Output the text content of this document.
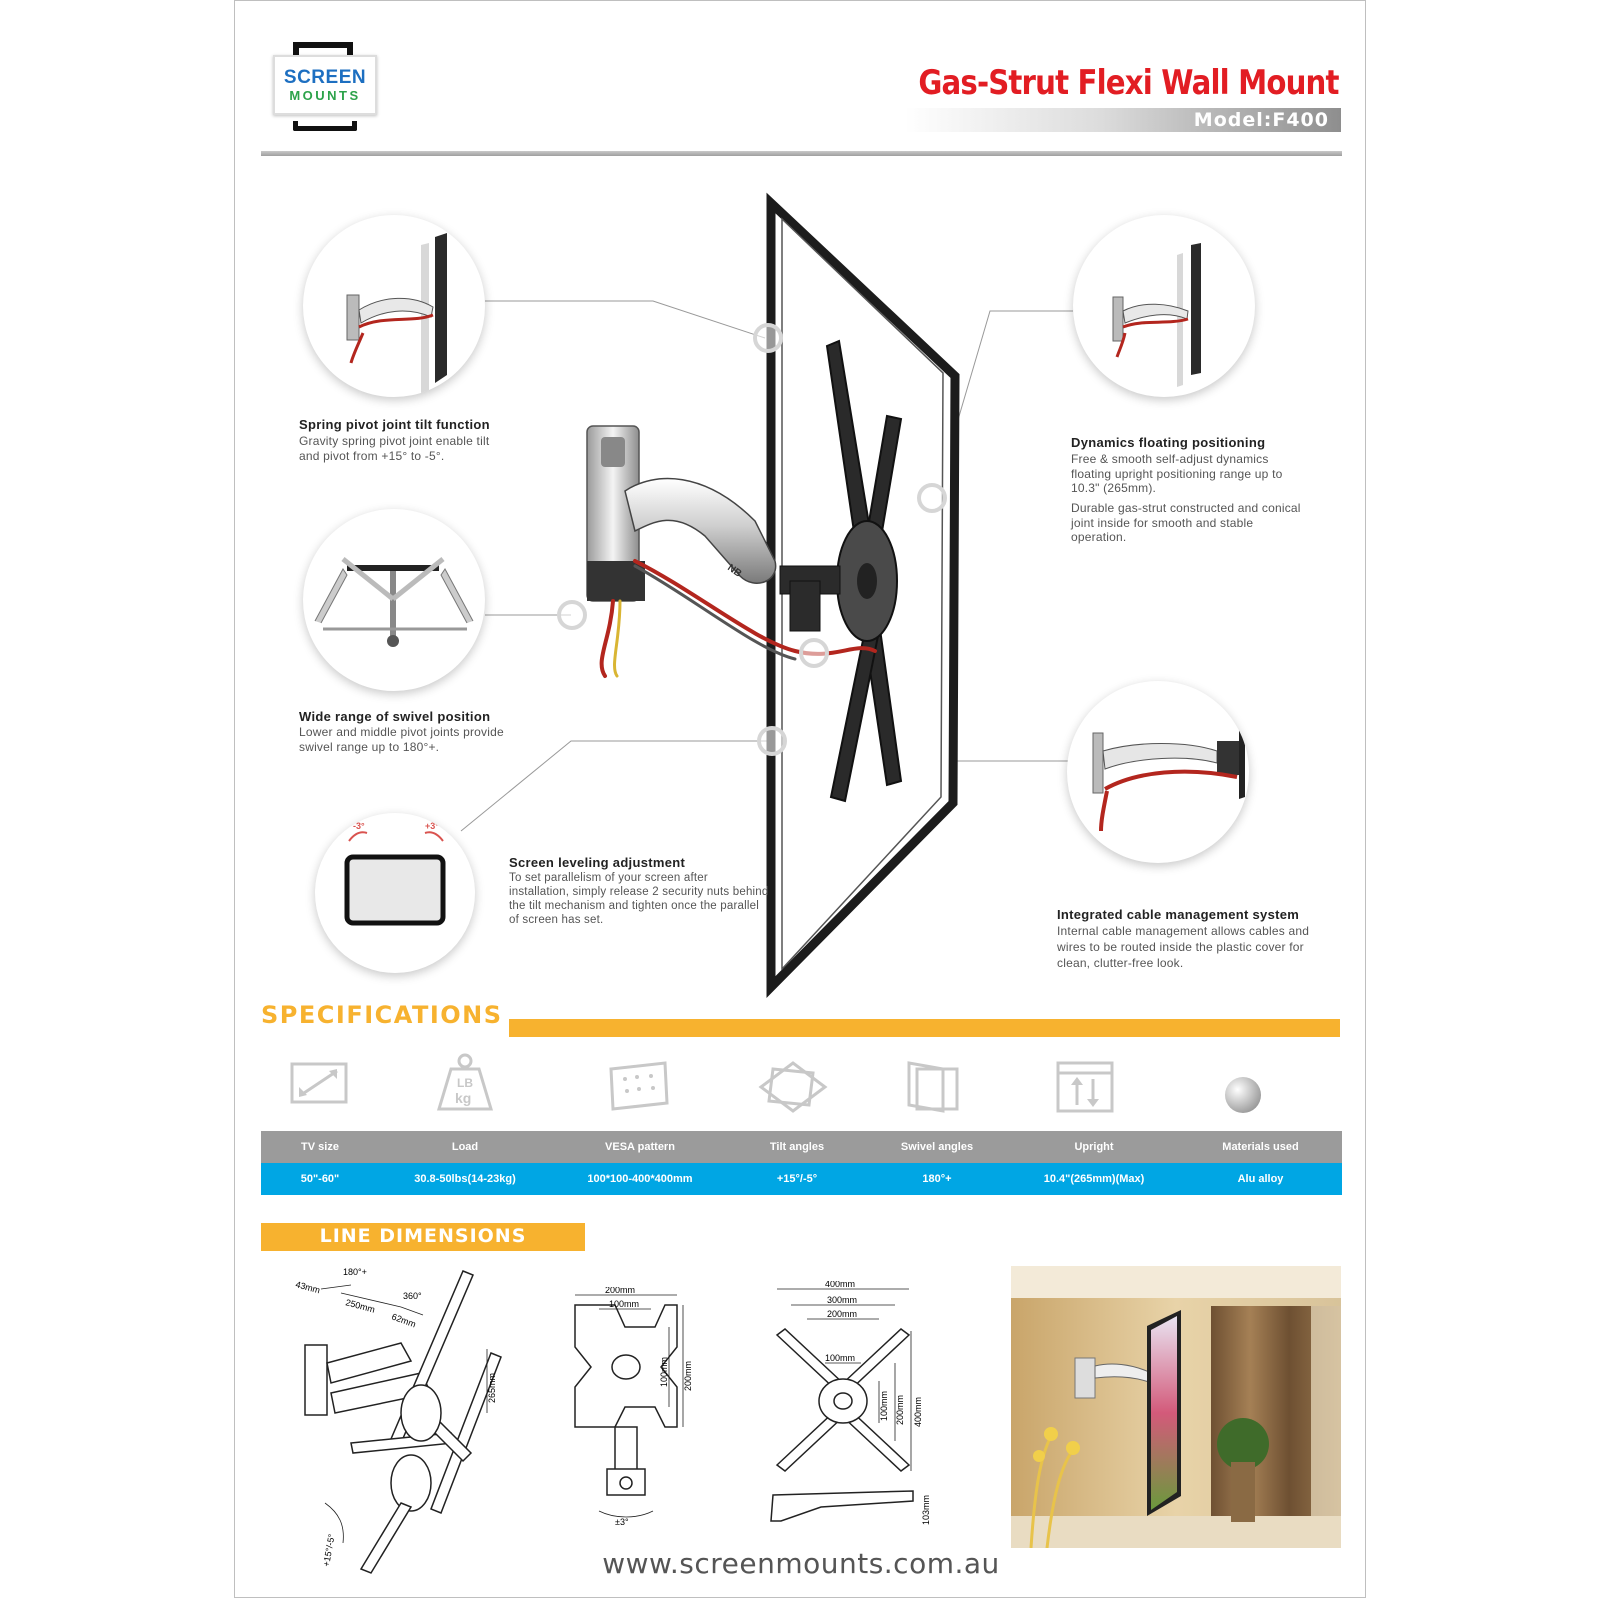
SCREEN
MOUNTS	Gas-Strut Flexi Wall Mount
Model:F400
NB
Spring pivot joint tilt function
Gravity spring pivot joint enable tilt and pivot from +15° to -5°.
Wide range of swivel position
Lower and middle pivot joints provide swivel range up to 180°+.
-3°	+3°
Screen leveling adjustment
To set parallelism of your screen after installation, simply release 2 security nuts behind the tilt mechanism and tighten once the parallel of screen has set.
Dynamics floating positioning
Free & smooth self-adjust dynamics floating upright positioning range up to 10.3" (265mm).
Durable gas-strut constructed and conical joint inside for smooth and stable operation.
Integrated cable management system
Internal cable management allows cables and wires to be routed inside the plastic cover for clean, clutter-free look.
SPECIFICATIONS
LB
kg
TV size	Load	VESA pattern	Tilt angles	Swivel angles	Upright	Materials used
50"-60"	30.8-50lbs(14-23kg)	100*100-400*400mm	+15°/-5°	180°+	10.4"(265mm)(Max)	Alu alloy
LINE DIMENSIONS
180°+
43mm
250mm
360°
62mm
265mm
+15°/-5°
200mm
100mm
100mm 200mm
±3°
400mm
300mm
200mm
100mm
100mm 200mm 400mm
103mm
www.screenmounts.com.au
